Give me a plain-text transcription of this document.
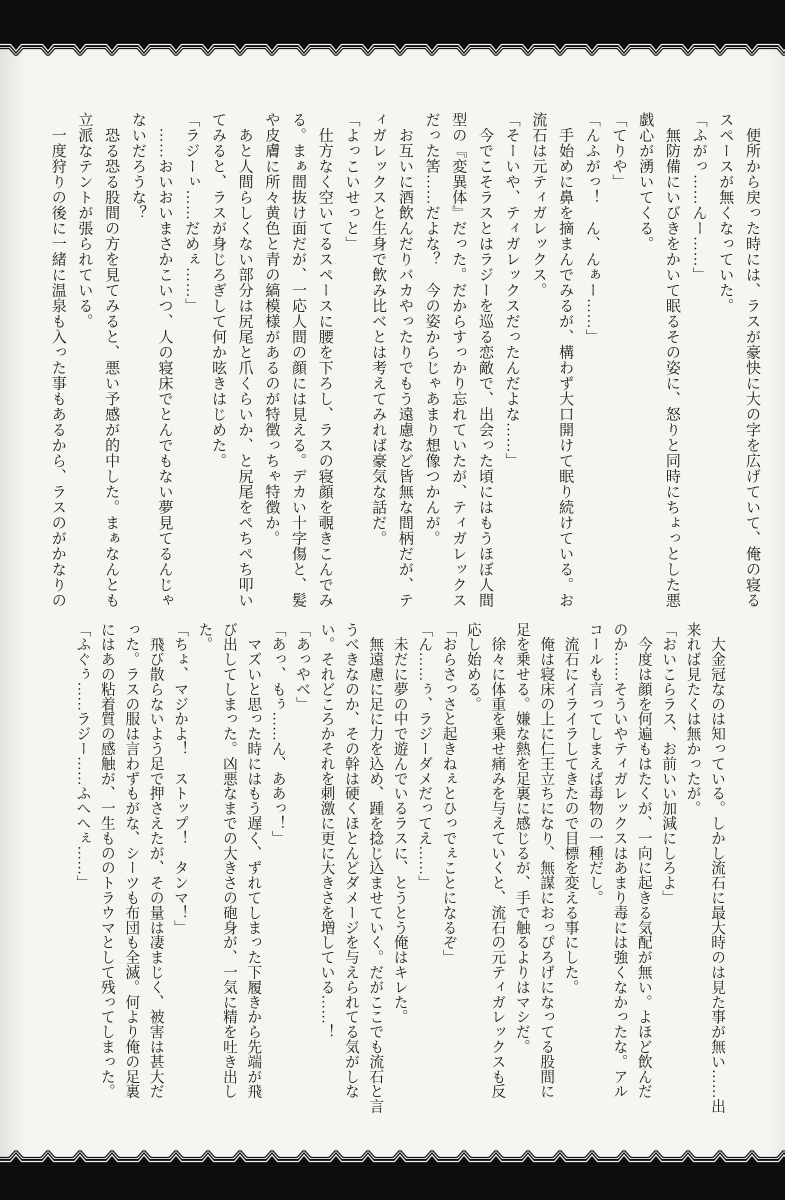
　便所から戻った時には、ラスが豪快に大の字を広げていて、俺の寝る

スペースが無くなっていた。

「ふがっ……んー……」

　無防備にいびきをかいて眠るその姿に、怒りと同時にちょっとした悪

戯心が湧いてくる。

「てりや」

「んふがっ！　ん、んぁー……」

　手始めに鼻を摘まんでみるが、構わず大口開けて眠り続けている。お

流石は元ティガレックス。

「そーいや、ティガレックスだったんだよな……」

　今でこそラスとはラジーを巡る恋敵で、出会った頃にはもうほぼ人間

型の『変異体』だった。だからすっかり忘れていたが、ティガレックス

だった筈……だよな？　今の姿からじゃあまり想像つかんが。

　お互いに酒飲んだりバカやったりでもう遠慮など皆無な間柄だが、テ

ィガレックスと生身で飲み比べとは考えてみれば豪気な話だ。

「よっこいせっと」

　仕方なく空いてるスペースに腰を下ろし、ラスの寝顔を覗きこんでみ

る。まぁ間抜け面だが、一応人間の顔には見える。デカい十字傷と、髪

や皮膚に所々黄色と青の縞模様があるのが特徴っちゃ特徴か。

　あと人間らしくない部分は尻尾と爪くらいか、と尻尾をぺちぺち叩い

てみると、ラスが身じろぎして何か呟きはじめた。

「ラジーぃ……だめぇ……」

　……おいおいまさかこいつ、人の寝床でとんでもない夢見てるんじゃ

ないだろうな？

　恐る恐る股間の方を見てみると、悪い予感が的中した。まぁなんとも

立派なテントが張られている。

　一度狩りの後に一緒に温泉も入った事もあるから、ラスのがかなりの

　大金冠なのは知っている。しかし流石に最大時のは見た事が無い……出

来れば見たくは無かったが。

「おいこらラス、お前いい加減にしろよ」

　今度は顔を何遍もはたくが、一向に起きる気配が無い。よほど飲んだ

のか……そういやティガレックスはあまり毒には強くなかったな。アル

コールも言ってしまえば毒物の一種だし。

　流石にイライラしてきたので目標を変える事にした。

　俺は寝床の上に仁王立ちになり、無謀におっぴろげになってる股間に

足を乗せる。嫌な熱を足裏に感じるが、手で触るよりはマシだ。

　徐々に体重を乗せ痛みを与えていくと、流石の元ティガレックスも反

応し始める。

「おらさっさと起きねぇとひっでぇことになるぞ」

「ん……ぅ、ラジーダメだってえ……」

　未だに夢の中で遊んでいるラスに、とうとう俺はキレた。

　無遠慮に足に力を込め、踵を捻じ込ませていく。だがここでも流石と言

うべきなのか、その幹は硬くほとんどダメージを与えられてる気がしな

い。それどころかそれを刺激に更に大きさを増している……！

「あっやべ」

「あっ、もぅ……ん、ああっ！」

　マズいと思った時にはもう遅く、ずれてしまった下履きから先端が飛

び出してしまった。凶悪なまでの大きさの砲身が、一気に精を吐き出し

た。

「ちょ、マジかよ！　ストップ！　タンマ！」

　飛び散らないよう足で押さえたが、その量は凄まじく、被害は甚大だ

った。ラスの服は言わずもがな、シーツも布団も全滅。何より俺の足裏

にはあの粘着質の感触が、一生もののトラウマとして残ってしまった。

「ふぐぅ……ラジー……ふへへぇ……」
